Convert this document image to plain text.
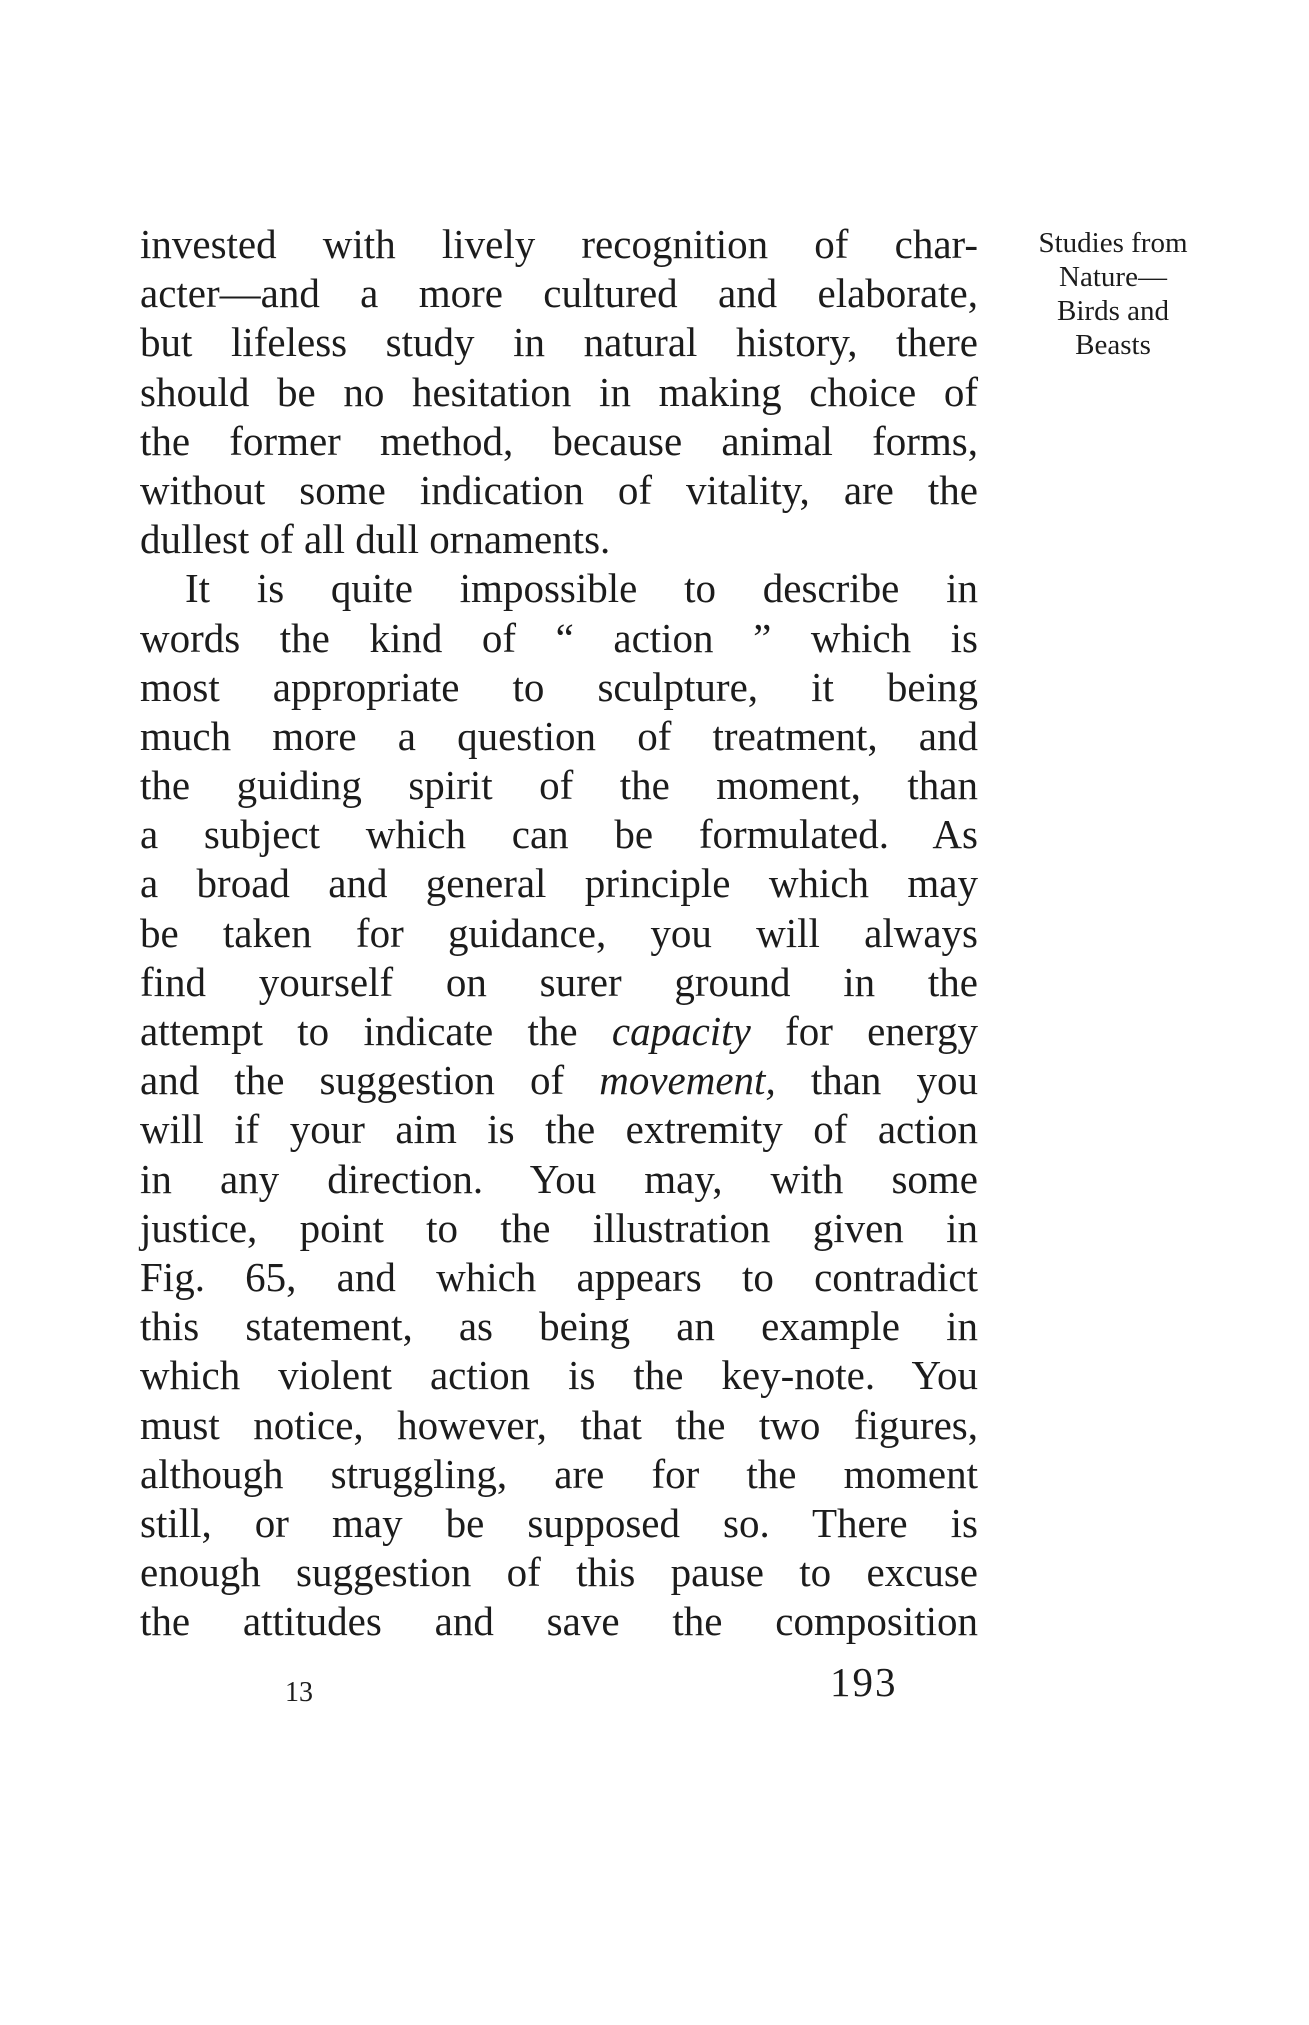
Studies from
Nature—
Birds and
Beasts
invested with lively recognition of char-
acter—and a more cultured and elaborate,
but lifeless study in natural history, there
should be no hesitation in making choice of
the former method, because animal forms,
without some indication of vitality, are the
dullest of all dull ornaments.
It is quite impossible to describe in
words the kind of “ action ” which is
most appropriate to sculpture, it being
much more a question of treatment, and
the guiding spirit of the moment, than
a subject which can be formulated. As
a broad and general principle which may
be taken for guidance, you will always
find yourself on surer ground in the
attempt to indicate the capacity for energy
and the suggestion of movement, than you
will if your aim is the extremity of action
in any direction. You may, with some
justice, point to the illustration given in
Fig. 65, and which appears to contradict
this statement, as being an example in
which violent action is the key-note. You
must notice, however, that the two figures,
although struggling, are for the moment
still, or may be supposed so. There is
enough suggestion of this pause to excuse
the attitudes and save the composition
13	193
